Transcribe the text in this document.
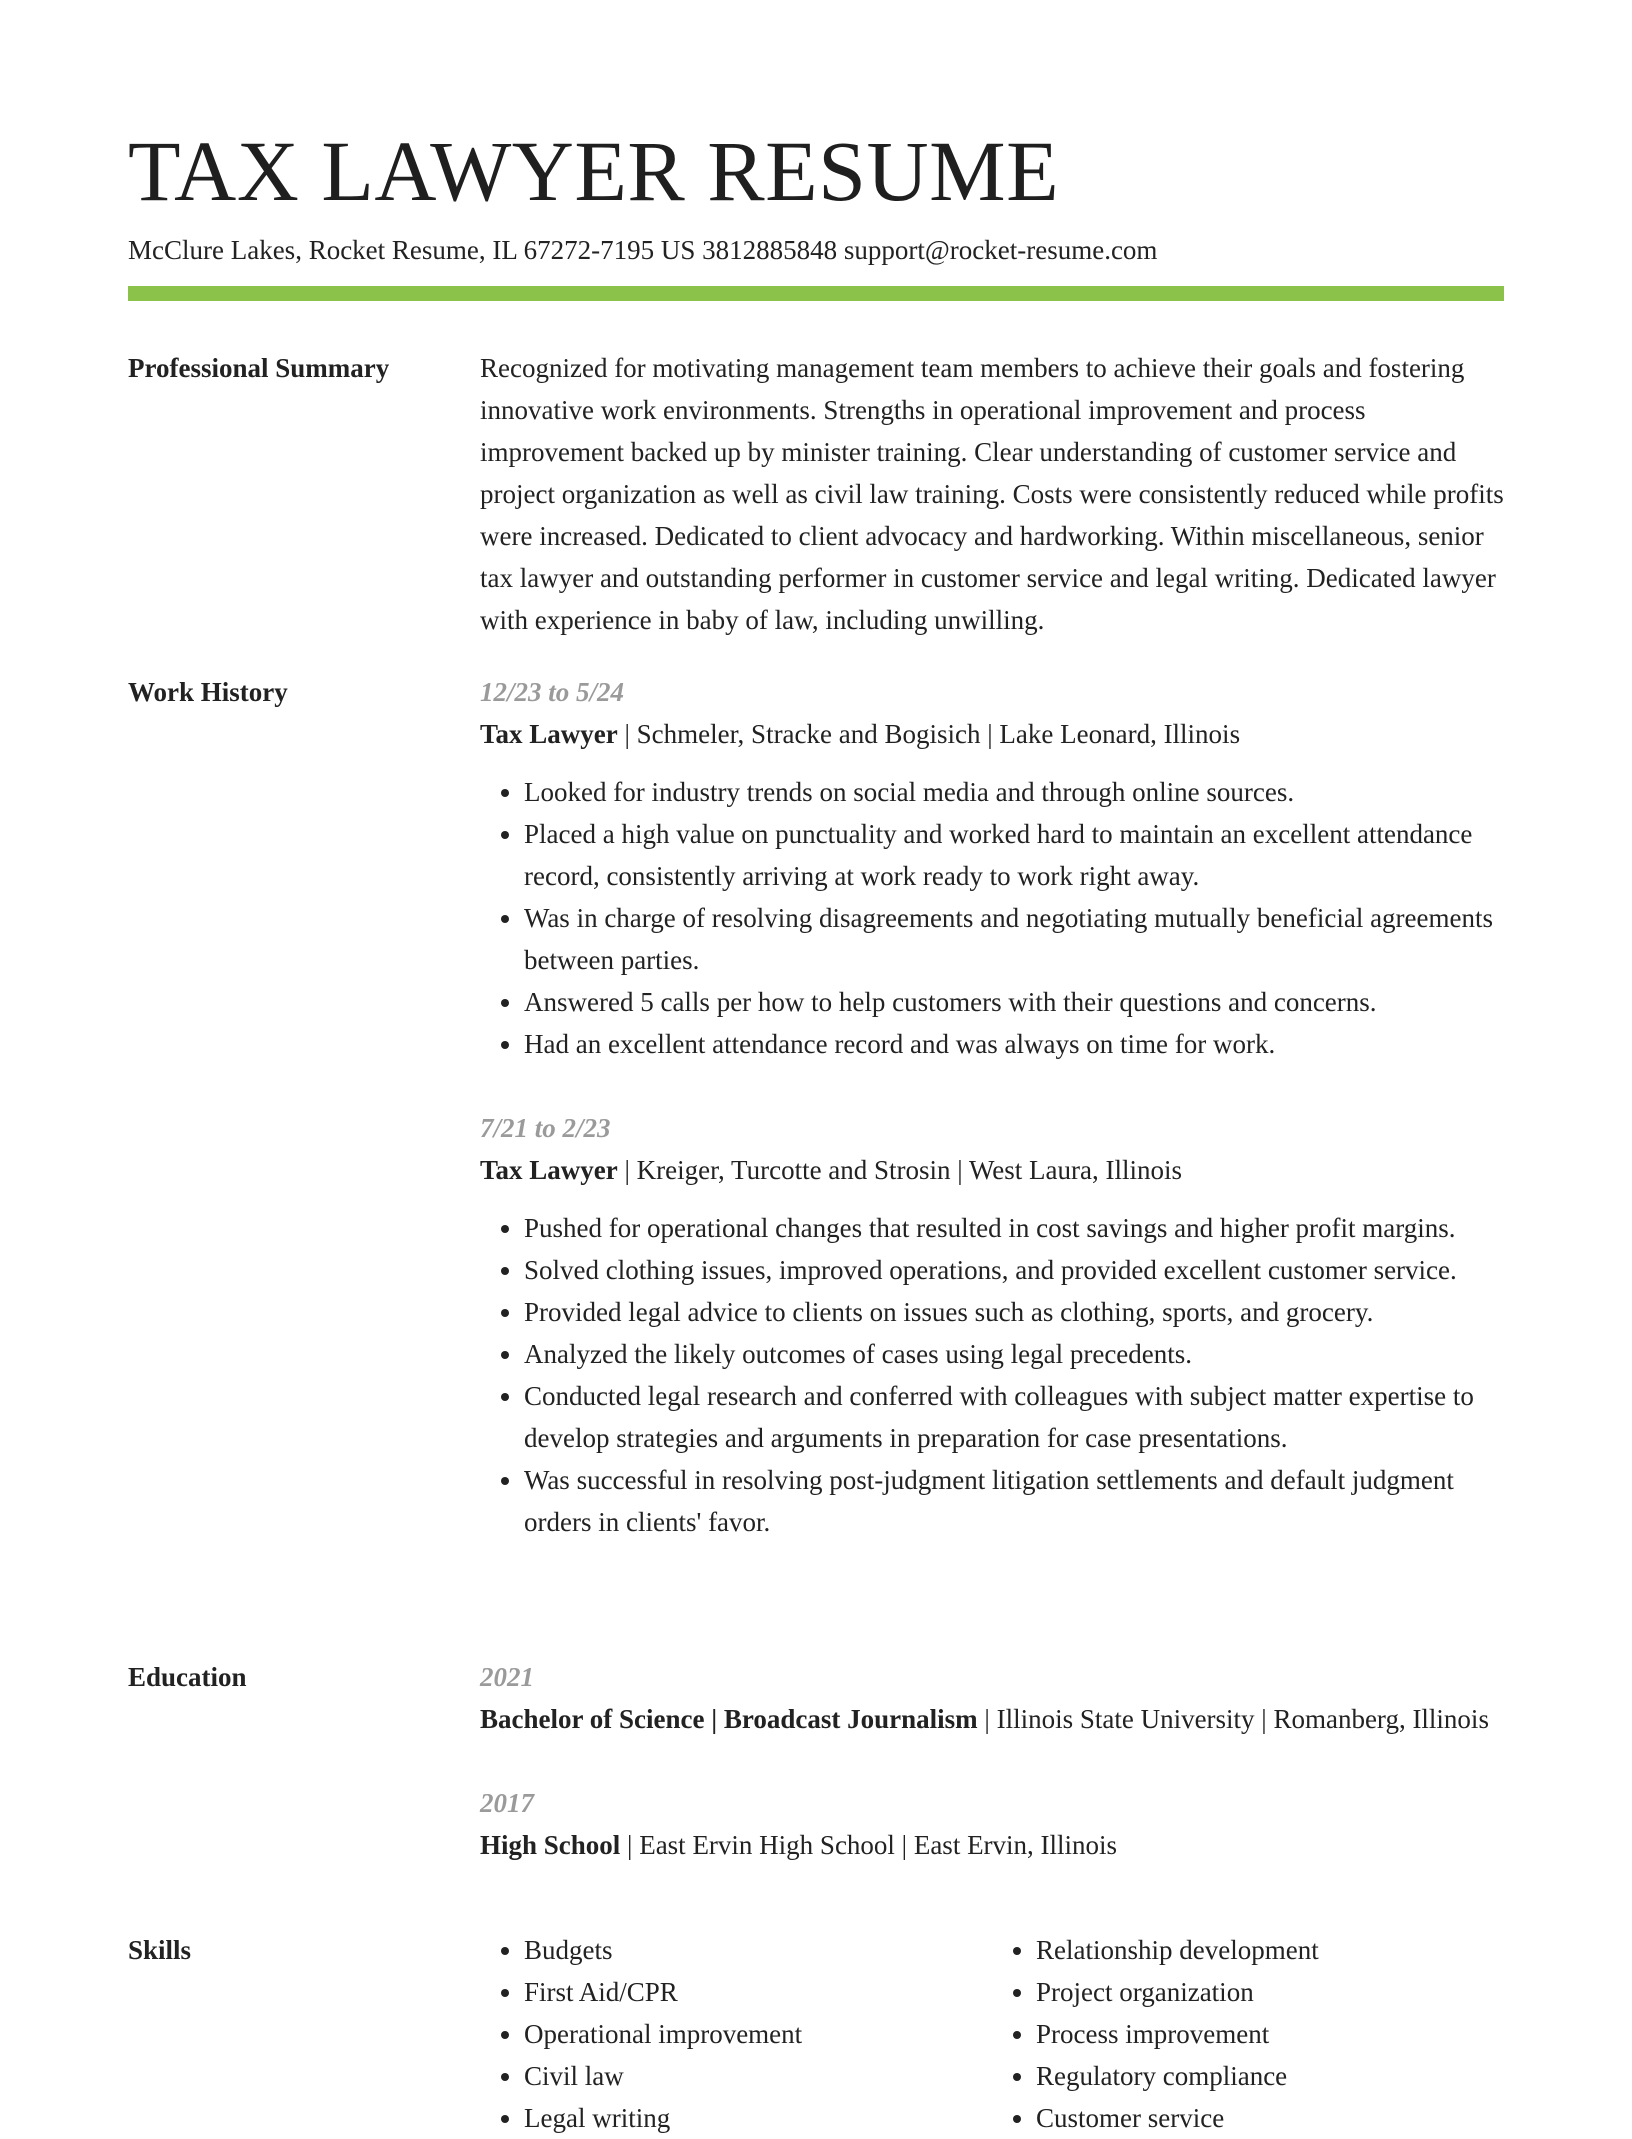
TAX LAWYER RESUME
McClure Lakes, Rocket Resume, IL 67272-7195 US 3812885848 support@rocket-resume.com
Professional Summary	Recognized for motivating management team members to achieve their goals and fostering innovative work environments. Strengths in operational improvement and process improvement backed up by minister training. Clear understanding of customer service and project organization as well as civil law training. Costs were consistently reduced while profits were increased. Dedicated to client advocacy and hardworking. Within miscellaneous, senior tax lawyer and outstanding performer in customer service and legal writing. Dedicated lawyer with experience in baby of law, including unwilling.

Work History	12/23 to 5/24
Tax Lawyer | Schmeler, Stracke and Bogisich | Lake Leonard, Illinois
• Looked for industry trends on social media and through online sources.
• Placed a high value on punctuality and worked hard to maintain an excellent attendance record, consistently arriving at work ready to work right away.
• Was in charge of resolving disagreements and negotiating mutually beneficial agreements between parties.
• Answered 5 calls per how to help customers with their questions and concerns.
• Had an excellent attendance record and was always on time for work.
7/21 to 2/23
Tax Lawyer | Kreiger, Turcotte and Strosin | West Laura, Illinois
• Pushed for operational changes that resulted in cost savings and higher profit margins.
• Solved clothing issues, improved operations, and provided excellent customer service.
• Provided legal advice to clients on issues such as clothing, sports, and grocery.
• Analyzed the likely outcomes of cases using legal precedents.
• Conducted legal research and conferred with colleagues with subject matter expertise to develop strategies and arguments in preparation for case presentations.
• Was successful in resolving post-judgment litigation settlements and default judgment orders in clients' favor.
Education	2021
Bachelor of Science | Broadcast Journalism | Illinois State University | Romanberg, Illinois
2017
High School | East Ervin High School | East Ervin, Illinois
Skills
•	Budgets
• First Aid/CPR
• Operational improvement
• Civil law
• Legal writing
• Relationship development
• Project organization
• Process improvement
• Regulatory compliance
• Customer service
